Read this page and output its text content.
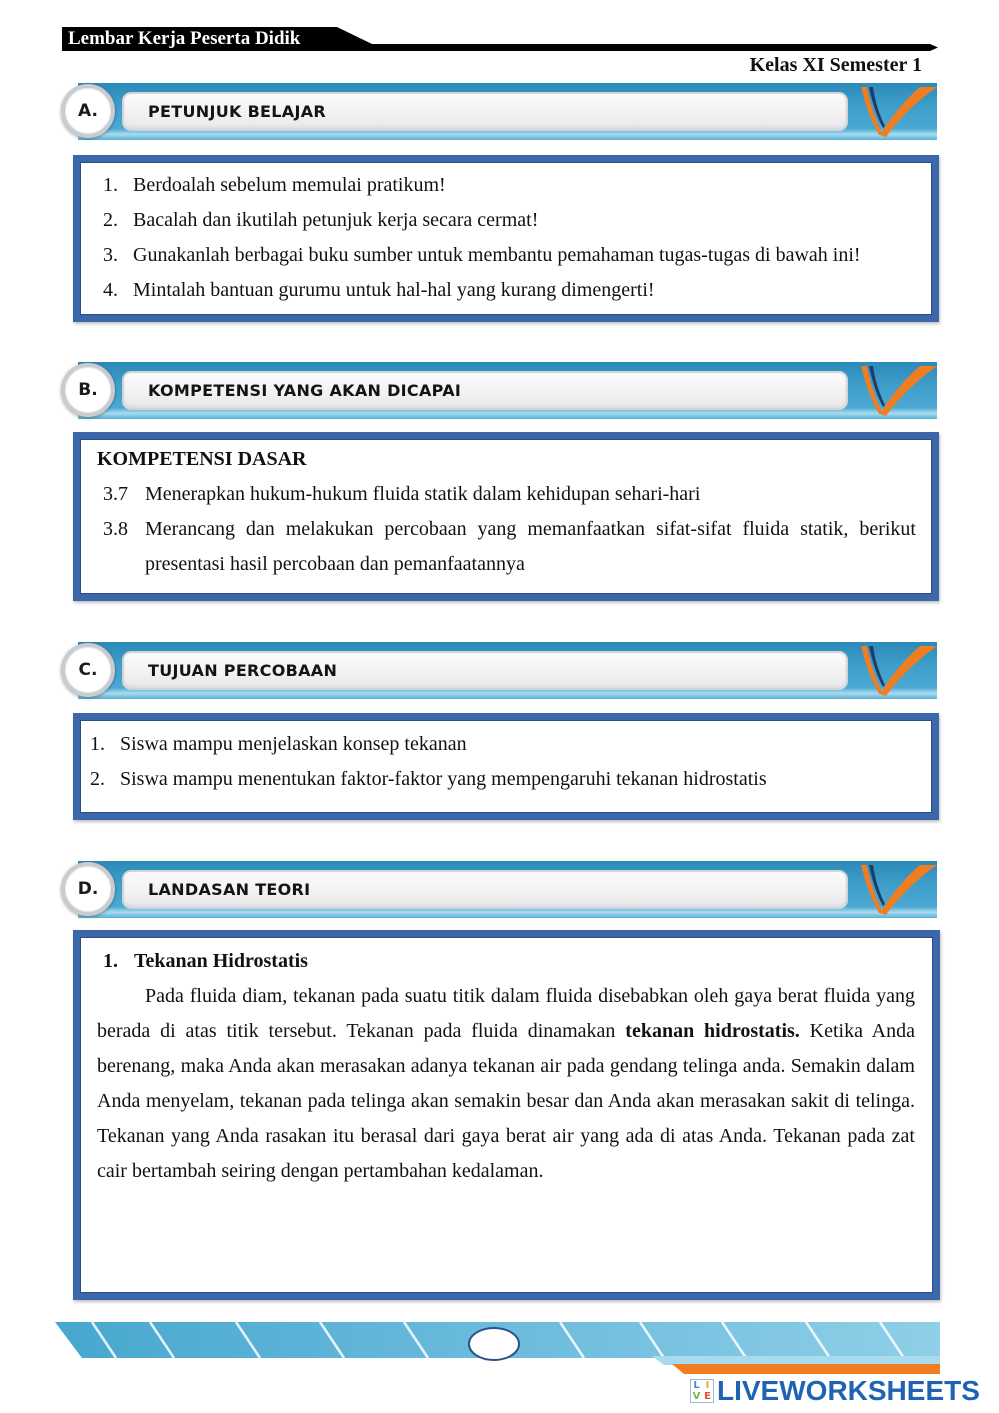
Lembar Kerja Peserta Didik
Kelas XI Semester 1
PETUNJUK BELAJAR
A.
1. Berdoalah sebelum memulai pratikum!
2. Bacalah dan ikutilah petunjuk kerja secara cermat!
3. Gunakanlah berbagai buku sumber untuk membantu pemahaman tugas-tugas di bawah ini!
4. Mintalah bantuan gurumu untuk hal-hal yang kurang dimengerti!
KOMPETENSI YANG AKAN DICAPAI
B.
KOMPETENSI DASAR
3.7 Menerapkan hukum-hukum fluida statik dalam kehidupan sehari-hari
3.8 Merancang dan melakukan percobaan yang memanfaatkan sifat-sifat fluida statik, berikut presentasi hasil percobaan dan pemanfaatannya
TUJUAN PERCOBAAN
C.
1. Siswa mampu menjelaskan konsep tekanan
2. Siswa mampu menentukan faktor-faktor yang mempengaruhi tekanan hidrostatis
LANDASAN TEORI
D.
1. Tekanan Hidrostatis

Pada fluida diam, tekanan pada suatu titik dalam fluida disebabkan oleh gaya berat fluida yang berada di atas titik tersebut. Tekanan pada fluida dinamakan tekanan hidrostatis. Ketika Anda berenang, maka Anda akan merasakan adanya tekanan air pada gendang telinga anda. Semakin dalam Anda menyelam, tekanan pada telinga akan semakin besar dan Anda akan merasakan sakit di telinga. Tekanan yang Anda rasakan itu berasal dari gaya berat air yang ada di atas Anda. Tekanan pada zat cair bertambah seiring dengan pertambahan kedalaman.

L I
V E LIVEWORKSHEETS
